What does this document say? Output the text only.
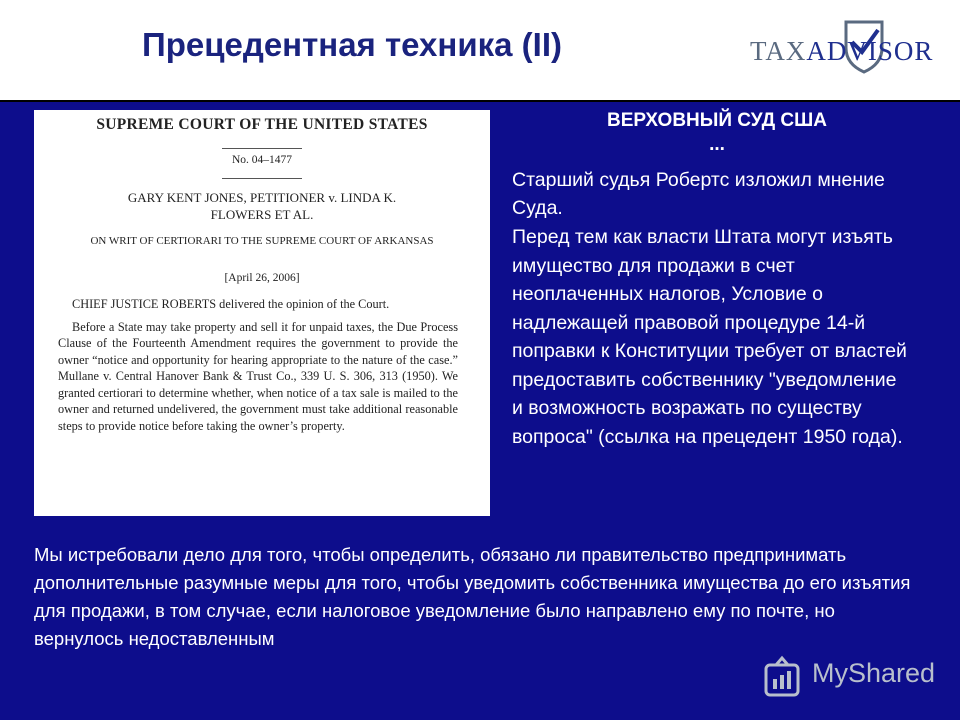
Прецедентная техника (II)	TAXADVISOR
SUPREME COURT OF THE UNITED STATES
No. 04–1477
GARY KENT JONES, PETITIONER v. LINDA K.
FLOWERS ET AL.
ON WRIT OF CERTIORARI TO THE SUPREME COURT OF ARKANSAS
[April 26, 2006]

CHIEF JUSTICE ROBERTS delivered the opinion of the Court.

Before a State may take property and sell it for unpaid taxes, the Due Process Clause of the Fourteenth Amendment requires the government to provide the owner “notice and opportunity for hearing appropriate to the nature of the case.” Mullane v. Central Hanover Bank & Trust Co., 339 U. S. 306, 313 (1950). We granted certiorari to determine whether, when notice of a tax sale is mailed to the owner and returned undelivered, the government must take additional reasonable steps to provide notice before taking the owner’s property.

ВЕРХОВНЫЙ СУД США
...
Старший судья Робертс изложил мнение Суда.
Перед тем как власти Штата могут изъять имущество для продажи в счет неоплаченных налогов, Условие о надлежащей правовой процедуре 14-й поправки к Конституции требует от властей предоставить собственнику "уведомление и возможность возражать по существу вопроса" (ссылка на прецедент 1950 года).
Мы истребовали дело для того, чтобы определить, обязано ли правительство предпринимать дополнительные разумные меры для того, чтобы уведомить собственника имущества до его изъятия для продажи, в том случае, если налоговое уведомление было направлено ему по почте, но вернулось недоставленным
MyShared
